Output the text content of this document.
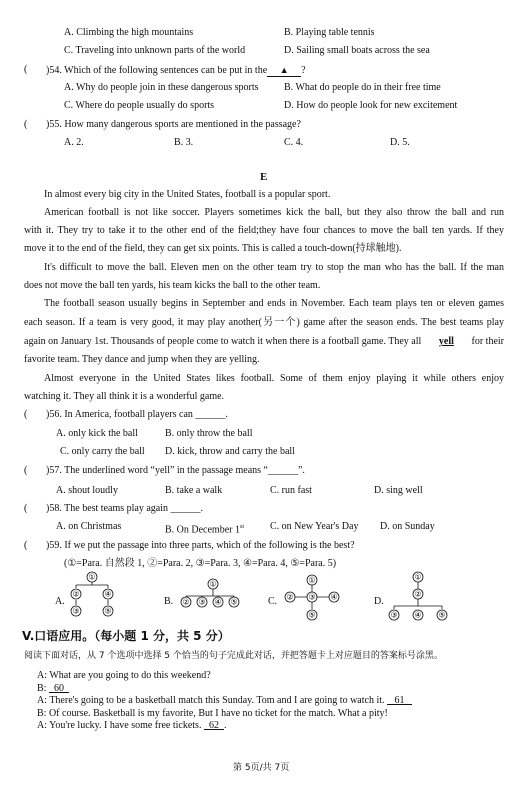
A. Climbing the high mountains	B. Playing table tennis
C. Traveling into unknown parts of the world	D. Sailing small boats across the sea
( )54. Which of the following sentences can be put in the ▲ ?
A. Why do people join in these dangerous sports	B. What do people do in their free time
C. Where do people usually do sports	D. How do people look for new excitement
( )55. How many dangerous sports are mentioned in the passage?
A. 2.	B. 3.	C. 4.	D. 5.
E
In almost every big city in the United States, football is a popular sport.
American football is not like soccer. Players sometimes kick the ball, but they also throw the ball and run
with it. They try to take it to the other end of the field;they have four chances to move the ball ten yards. If they
move it to the end of the field, they can get six points. This is called a touch-down(持球触地).
It's difficult to move the ball. Eleven men on the other team try to stop the man who has the ball. If the man
does not move the ball ten yards, his team kicks the ball to the other team.
The football season usually begins in September and ends in November. Each team plays ten or eleven games
each season. If a team is very good, it may play another(另一个) game after the season ends. The best teams play
again on January 1st. Thousands of people come to watch it when there is a football game. They all yell for their
favorite team. They dance and jump when they are yelling.
Almost everyone in the United States likes football. Some of them enjoy playing it while others enjoy
watching it. They all think it is a wonderful game.
( )56. In America, football players can ______.
A. only kick the ball	B. only throw the ball
C. only carry the ball D. kick, throw and carry the ball
( )57. The underlined word “yell” in the passage means “______”.
A. shout loudly	B. take a walk	C. run fast	D. sing well
( )58. The best teams play again ______.
A. on Christmas	B. On December 1st	C. on New Year's Day D. on Sunday
( )59. If we put the passage into three parts, which of the following is the best?
(①=Para. 自然段 1, ②=Para. 2, ③=Para. 3, ④=Para. 4, ⑤=Para. 5)
A.	B.	C.	D.
①
②	④
③	⑤
①
② ③ ④ ⑤
①
② ③ ④
⑤
①
②
③ ④ ⑤
V.口语应用。（每小题 1 分，共 5 分）
阅读下面对话，从 7 个选项中选择 5 个恰当的句子完成此对话，并把答题卡上对应题目的答案标号涂黑。
A: What are you going to do this weekend?
B:   60
A: There's going to be a basketball match this Sunday. Tom and I are going to watch it.    61
B: Of course. Basketball is my favorite, But I have no ticket for the match. What a pity!
A: You're lucky. I have some free tickets.   62  .
第 5页/共 7页
